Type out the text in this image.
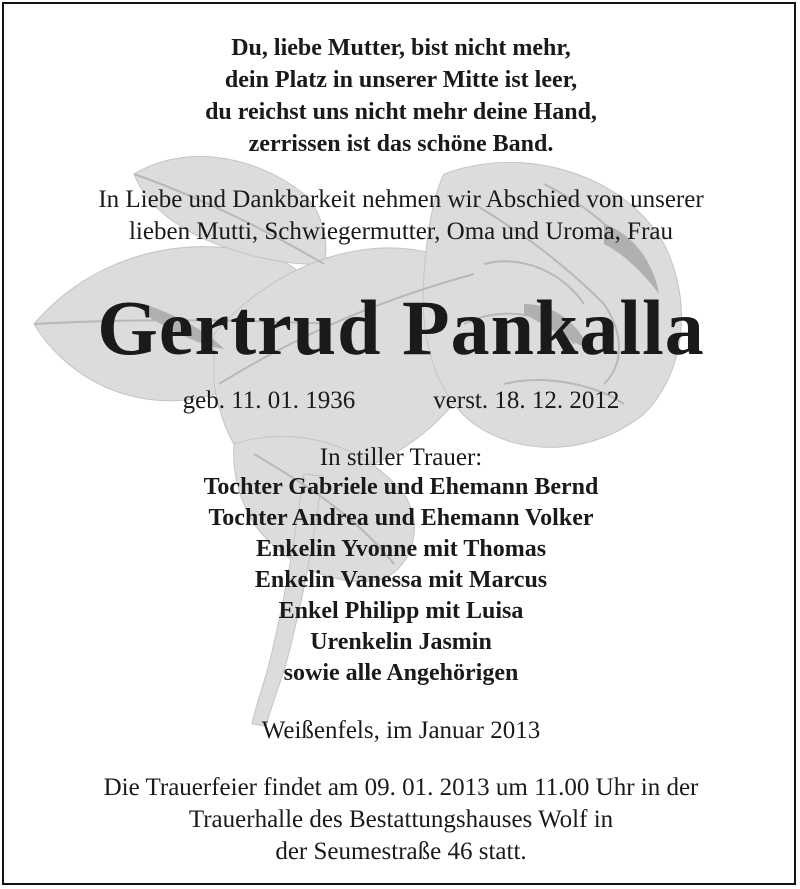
Du, liebe Mutter, bist nicht mehr,
dein Platz in unserer Mitte ist leer,
du reichst uns nicht mehr deine Hand,
zerrissen ist das schöne Band.
In Liebe und Dankbarkeit nehmen wir Abschied von unserer
lieben Mutti, Schwiegermutter, Oma und Uroma, Frau
Gertrud Pankalla
geb. 11. 01. 1936	verst. 18. 12. 2012
In stiller Trauer:
Tochter Gabriele und Ehemann Bernd
Tochter Andrea und Ehemann Volker
Enkelin Yvonne mit Thomas
Enkelin Vanessa mit Marcus
Enkel Philipp mit Luisa
Urenkelin Jasmin
sowie alle Angehörigen
Weißenfels, im Januar 2013
Die Trauerfeier findet am 09. 01. 2013 um 11.00 Uhr in der
Trauerhalle des Bestattungshauses Wolf in
der Seumestraße 46 statt.
